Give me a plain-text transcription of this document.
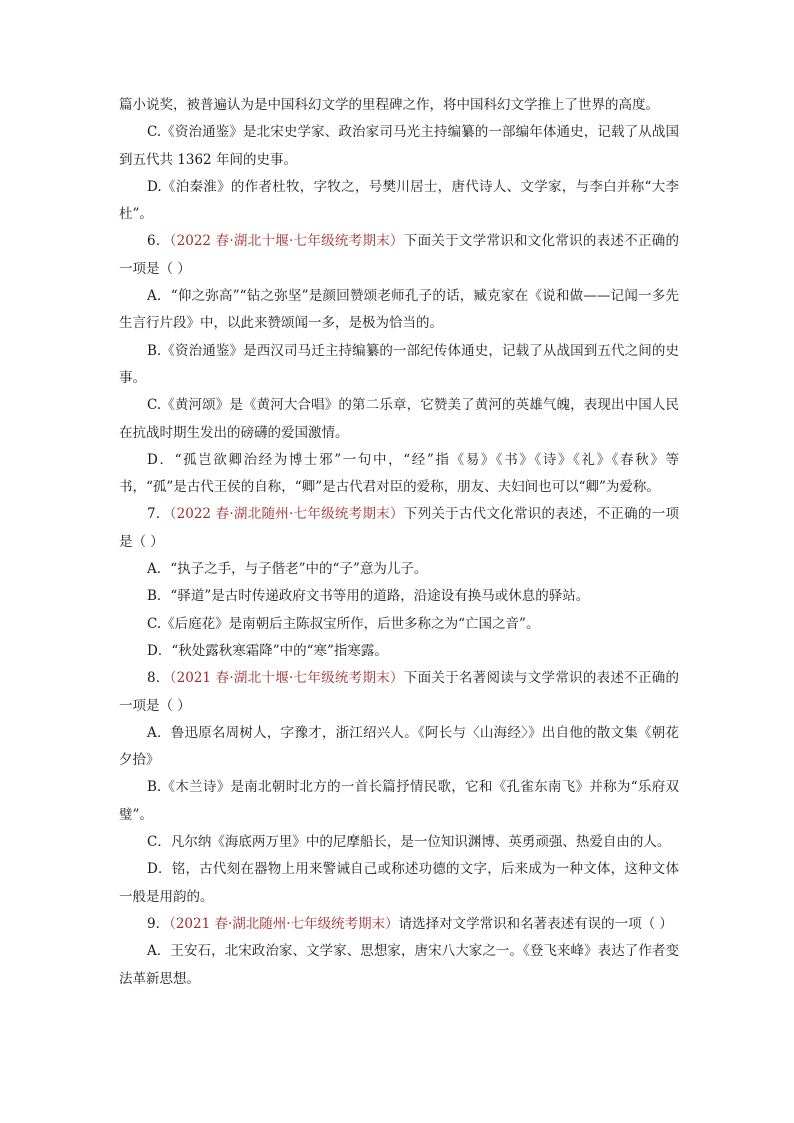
篇小说奖，被普遍认为是中国科幻文学的里程碑之作，将中国科幻文学推上了世界的高度。

C.《资治通鉴》是北宋史学家、政治家司马光主持编纂的一部编年体通史，记载了从战国到五代共 1362 年间的史事。

D.《泊秦淮》的作者杜牧，字牧之，号樊川居士，唐代诗人、文学家，与李白并称“大李杜”。

6．（2022 春·湖北十堰·七年级统考期末）下面关于文学常识和文化常识的表述不正确的一项是（ ）

A．“仰之弥高”“钻之弥坚”是颜回赞颂老师孔子的话，臧克家在《说和做——记闻一多先生言行片段》中，以此来赞颂闻一多，是极为恰当的。

B.《资治通鉴》是西汉司马迁主持编纂的一部纪传体通史，记载了从战国到五代之间的史事。

C.《黄河颂》是《黄河大合唱》的第二乐章，它赞美了黄河的英雄气魄，表现出中国人民在抗战时期生发出的磅礴的爱国激情。

D．“孤岂欲卿治经为博士邪”一句中，“经”指《易》《书》《诗》《礼》《春秋》等书，“孤”是古代王侯的自称，“卿”是古代君对臣的爱称，朋友、夫妇间也可以“卿”为爱称。

7．（2022 春·湖北随州·七年级统考期末）下列关于古代文化常识的表述，不正确的一项是（ ）

A．“执子之手，与子偕老”中的“子”意为儿子。

B．“驿道”是古时传递政府文书等用的道路，沿途设有换马或休息的驿站。

C.《后庭花》是南朝后主陈叔宝所作，后世多称之为“亡国之音”。

D．“秋处露秋寒霜降”中的“寒”指寒露。

8．（2021 春·湖北十堰·七年级统考期末）下面关于名著阅读与文学常识的表述不正确的一项是（ ）

A．鲁迅原名周树人，字豫才，浙江绍兴人。《阿长与〈山海经〉》出自他的散文集《朝花夕拾》

B.《木兰诗》是南北朝时北方的一首长篇抒情民歌，它和《孔雀东南飞》并称为“乐府双璧”。

C．凡尔纳《海底两万里》中的尼摩船长，是一位知识渊博、英勇顽强、热爱自由的人。

D．铭，古代刻在器物上用来警诫自己或称述功德的文字，后来成为一种文体，这种文体一般是用韵的。

9．（2021 春·湖北随州·七年级统考期末）请选择对文学常识和名著表述有误的一项（ ）

A．王安石，北宋政治家、文学家、思想家，唐宋八大家之一。《登飞来峰》表达了作者变法革新思想。
